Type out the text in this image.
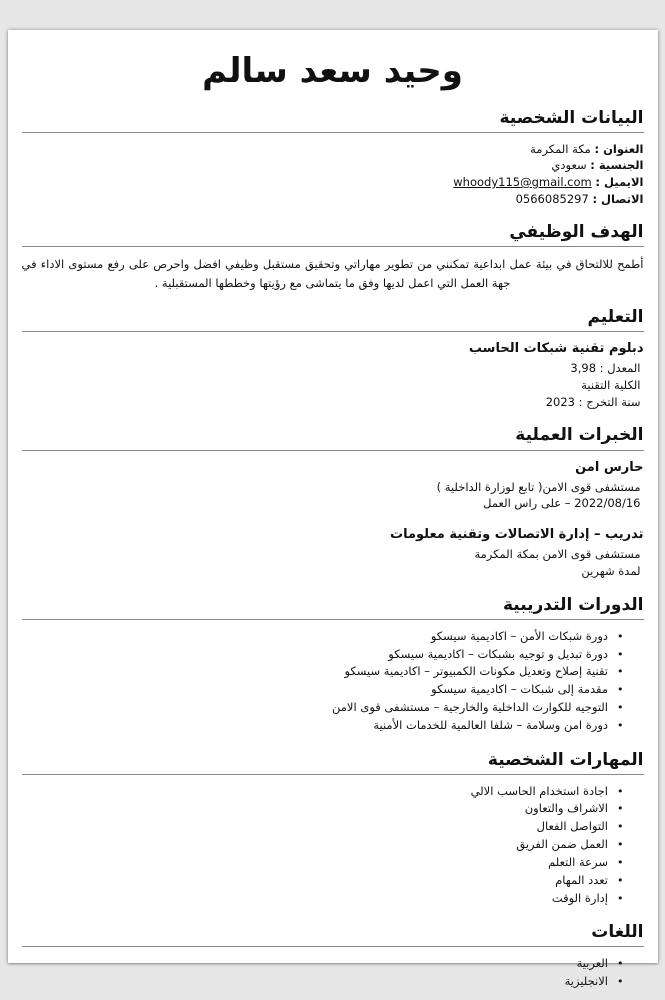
وحيد سعد سالم
البيانات الشخصية
العنوان : مكة المكرمة
الجنسية : سعودي
الايميل : whoody115@gmail.com
الاتصال : 0566085297
الهدف الوظيفي

أطمح للالتحاق في بيئة عمل ابداعية تمكنني من تطوير مهاراتي وتحقيق مستقبل وظيفي افضل واحرص على رفع مستوى الاداء في جهة العمل التي اعمل لديها وفق ما يتماشى مع رؤيتها وخططها المستقبلية .

التعليم
دبلوم تقنية شبكات الحاسب
المعدل : 3,98
الكلية التقنية
سنة التخرج : 2023
الخبرات العملية
حارس امن
مستشفى قوى الامن( تابع لوزارة الداخلية )
2022/08/16 – على راس العمل
تدريب – إدارة الاتصالات وتقنية معلومات
مستشفى قوى الامن بمكة المكرمة
لمدة شهرين
الدورات التدريبية
• دورة شبكات الأمن – اكاديمية سيسكو
• دورة تبديل و توجيه بشبكات – اكاديمية سيسكو
• تقنية إصلاح وتعديل مكونات الكمبيوتر – اكاديمية سيسكو
• مقدمة إلى شبكات – اكاديمية سيسكو
• التوجيه للكوارث الداخلية والخارجية – مستشفى قوى الامن
• دورة امن وسلامة – شلفا العالمية للخدمات الأمنية
المهارات الشخصية
• اجادة استخدام الحاسب الالي
• الاشراف والتعاون
• التواصل الفعال
• العمل ضمن الفريق
• سرعة التعلم
• تعدد المهام
• إدارة الوقت
اللغات
• العربية
• الانجليزية
